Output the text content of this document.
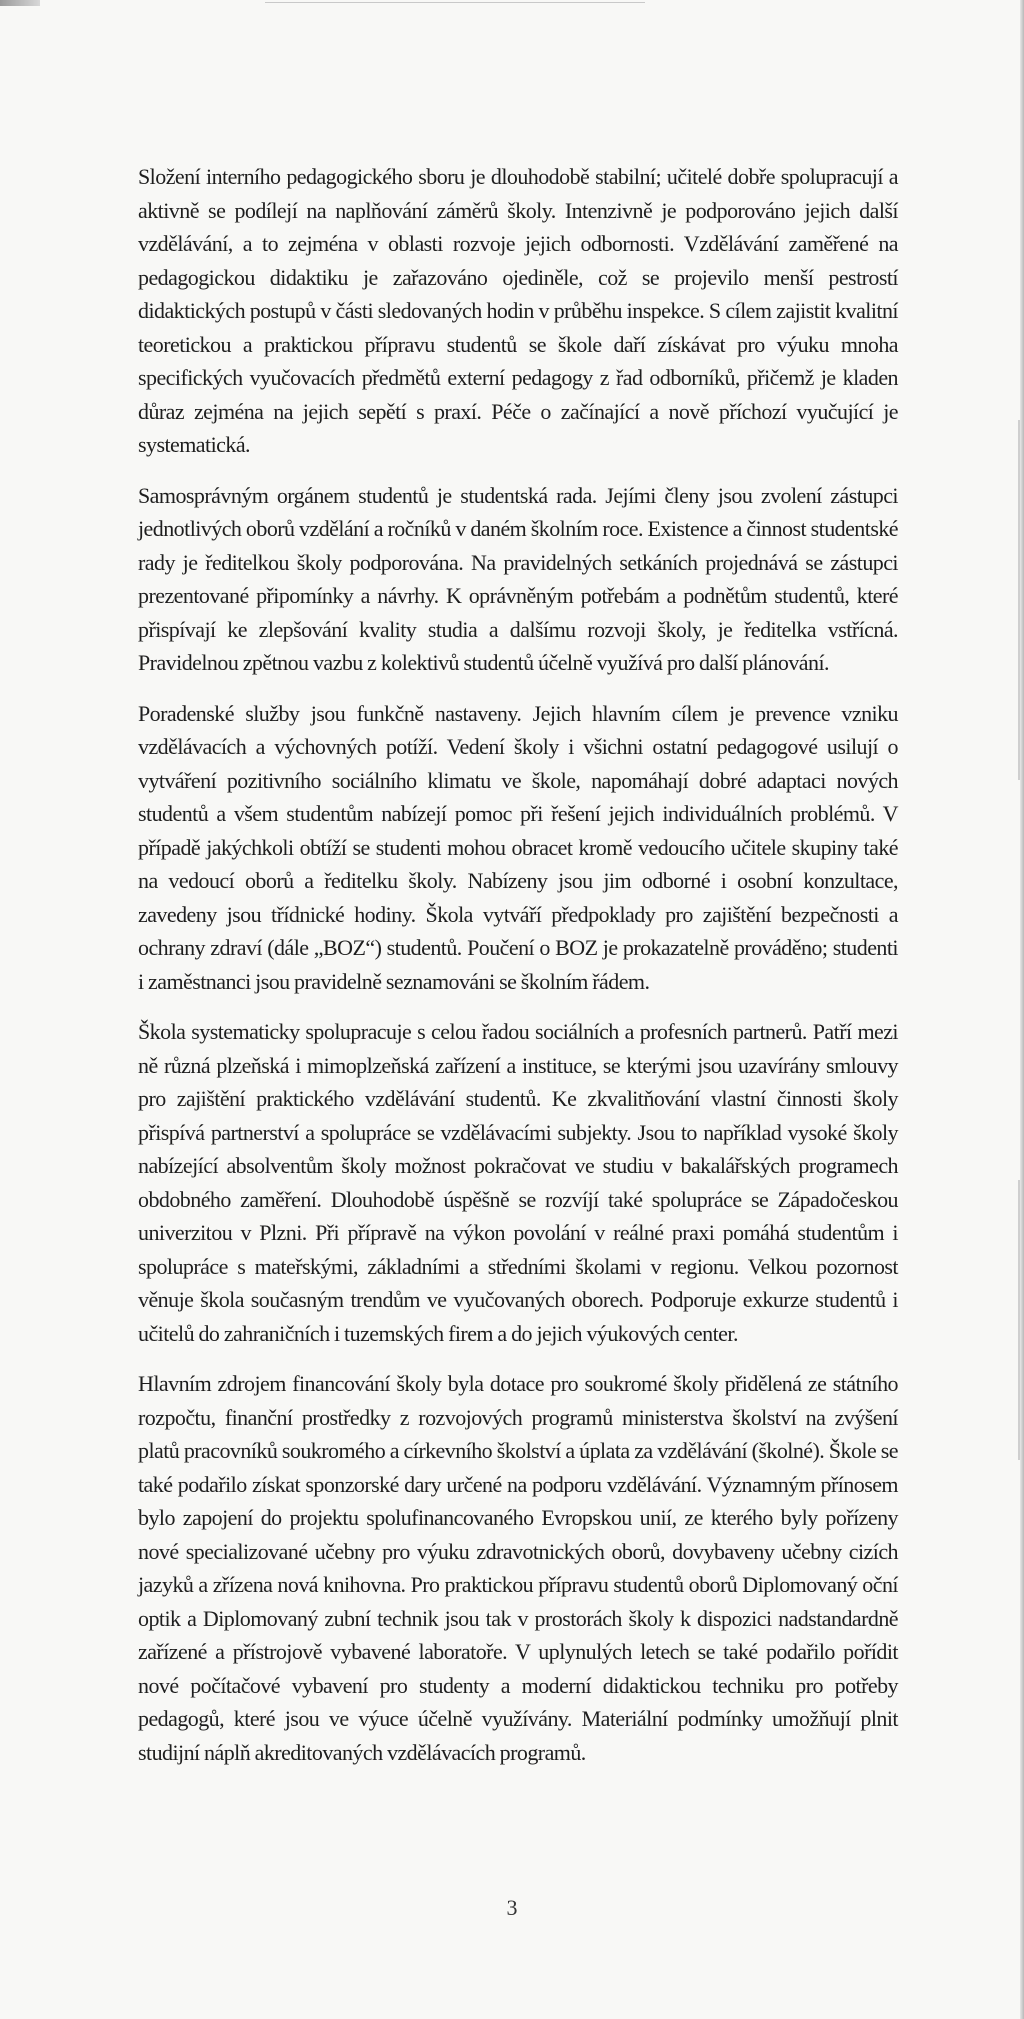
Složení interního pedagogického sboru je dlouhodobě stabilní; učitelé dobře spolupracují a aktivně se podílejí na naplňování záměrů školy. Intenzivně je podporováno jejich další vzdělávání, a to zejména v oblasti rozvoje jejich odbornosti. Vzdělávání zaměřené na pedagogickou didaktiku je zařazováno ojediněle, což se projevilo menší pestrostí didaktických postupů v části sledovaných hodin v průběhu inspekce. S cílem zajistit kvalitní teoretickou a praktickou přípravu studentů se škole daří získávat pro výuku mnoha specifických vyučovacích předmětů externí pedagogy z řad odborníků, přičemž je kladen důraz zejména na jejich sepětí s praxí. Péče o začínající a nově příchozí vyučující je systematická.

Samosprávným orgánem studentů je studentská rada. Jejími členy jsou zvolení zástupci jednotlivých oborů vzdělání a ročníků v daném školním roce. Existence a činnost studentské rady je ředitelkou školy podporována. Na pravidelných setkáních projednává se zástupci prezentované připomínky a návrhy. K oprávněným potřebám a podnětům studentů, které přispívají ke zlepšování kvality studia a dalšímu rozvoji školy, je ředitelka vstřícná. Pravidelnou zpětnou vazbu z kolektivů studentů účelně využívá pro další plánování.

Poradenské služby jsou funkčně nastaveny. Jejich hlavním cílem je prevence vzniku vzdělávacích a výchovných potíží. Vedení školy i všichni ostatní pedagogové usilují o vytváření pozitivního sociálního klimatu ve škole, napomáhají dobré adaptaci nových studentů a všem studentům nabízejí pomoc při řešení jejich individuálních problémů. V případě jakýchkoli obtíží se studenti mohou obracet kromě vedoucího učitele skupiny také na vedoucí oborů a ředitelku školy. Nabízeny jsou jim odborné i osobní konzultace, zavedeny jsou třídnické hodiny. Škola vytváří předpoklady pro zajištění bezpečnosti a ochrany zdraví (dále „BOZ“) studentů. Poučení o BOZ je prokazatelně prováděno; studenti i zaměstnanci jsou pravidelně seznamováni se školním řádem.

Škola systematicky spolupracuje s celou řadou sociálních a profesních partnerů. Patří mezi ně různá plzeňská i mimoplzeňská zařízení a instituce, se kterými jsou uzavírány smlouvy pro zajištění praktického vzdělávání studentů. Ke zkvalitňování vlastní činnosti školy přispívá partnerství a spolupráce se vzdělávacími subjekty. Jsou to například vysoké školy nabízející absolventům školy možnost pokračovat ve studiu v bakalářských programech obdobného zaměření. Dlouhodobě úspěšně se rozvíjí také spolupráce se Západočeskou univerzitou v Plzni. Při přípravě na výkon povolání v reálné praxi pomáhá studentům i spolupráce s mateřskými, základními a středními školami v regionu. Velkou pozornost věnuje škola současným trendům ve vyučovaných oborech. Podporuje exkurze studentů i učitelů do zahraničních i tuzemských firem a do jejich výukových center.

Hlavním zdrojem financování školy byla dotace pro soukromé školy přidělená ze státního rozpočtu, finanční prostředky z rozvojových programů ministerstva školství na zvýšení platů pracovníků soukromého a církevního školství a úplata za vzdělávání (školné). Škole se také podařilo získat sponzorské dary určené na podporu vzdělávání. Významným přínosem bylo zapojení do projektu spolufinancovaného Evropskou unií, ze kterého byly pořízeny nové specializované učebny pro výuku zdravotnických oborů, dovybaveny učebny cizích jazyků a zřízena nová knihovna. Pro praktickou přípravu studentů oborů Diplomovaný oční optik a Diplomovaný zubní technik jsou tak v prostorách školy k dispozici nadstandardně zařízené a přístrojově vybavené laboratoře. V uplynulých letech se také podařilo pořídit nové počítačové vybavení pro studenty a moderní didaktickou techniku pro potřeby pedagogů, které jsou ve výuce účelně využívány. Materiální podmínky umožňují plnit studijní náplň akreditovaných vzdělávacích programů.

3
